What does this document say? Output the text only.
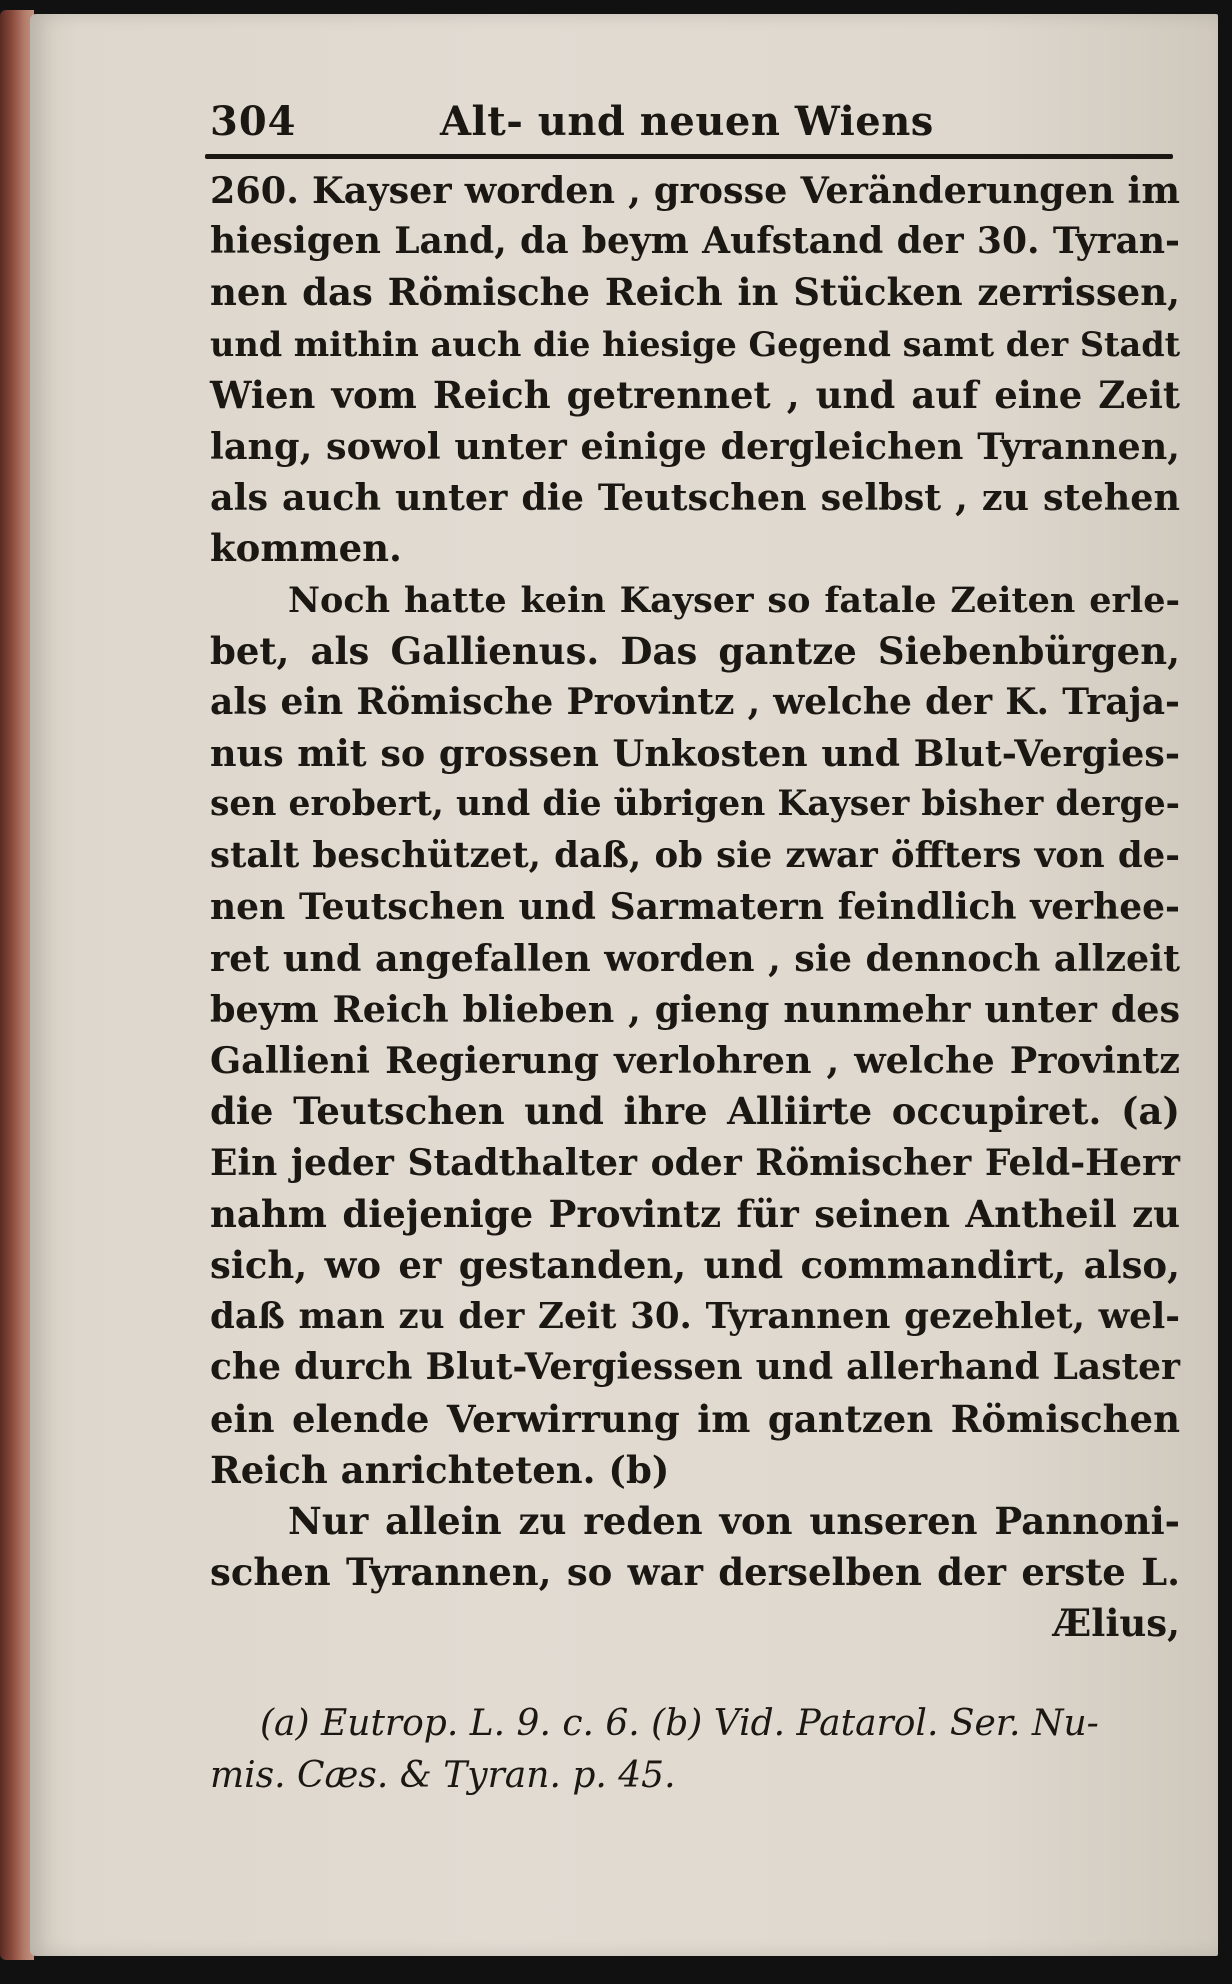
304	Alt- und neuen Wiens
260. Kayser worden , grosse Veränderungen im
hiesigen Land, da beym Aufstand der 30. Tyran-
nen das Römische Reich in Stücken zerrissen,
und mithin auch die hiesige Gegend samt der Stadt
Wien vom Reich getrennet , und auf eine Zeit
lang, sowol unter einige dergleichen Tyrannen,
als auch unter die Teutschen selbst , zu stehen
kommen.
Noch hatte kein Kayser so fatale Zeiten erle-
bet, als Gallienus. Das gantze Siebenbürgen,
als ein Römische Provintz , welche der K. Traja-
nus mit so grossen Unkosten und Blut-Vergies-
sen erobert, und die übrigen Kayser bisher derge-
stalt beschützet, daß, ob sie zwar öffters von de-
nen Teutschen und Sarmatern feindlich verhee-
ret und angefallen worden , sie dennoch allzeit
beym Reich blieben , gieng nunmehr unter des
Gallieni Regierung verlohren , welche Provintz
die Teutschen und ihre Alliirte occupiret. (a)
Ein jeder Stadthalter oder Römischer Feld-Herr
nahm diejenige Provintz für seinen Antheil zu
sich, wo er gestanden, und commandirt, also,
daß man zu der Zeit 30. Tyrannen gezehlet, wel-
che durch Blut-Vergiessen und allerhand Laster
ein elende Verwirrung im gantzen Römischen
Reich anrichteten. (b)
Nur allein zu reden von unseren Pannoni-
schen Tyrannen, so war derselben der erste L.
Ælius,
(a) Eutrop. L. 9. c. 6. (b) Vid. Patarol. Ser. Nu-
mis. Cæs. & Tyran. p. 45.
